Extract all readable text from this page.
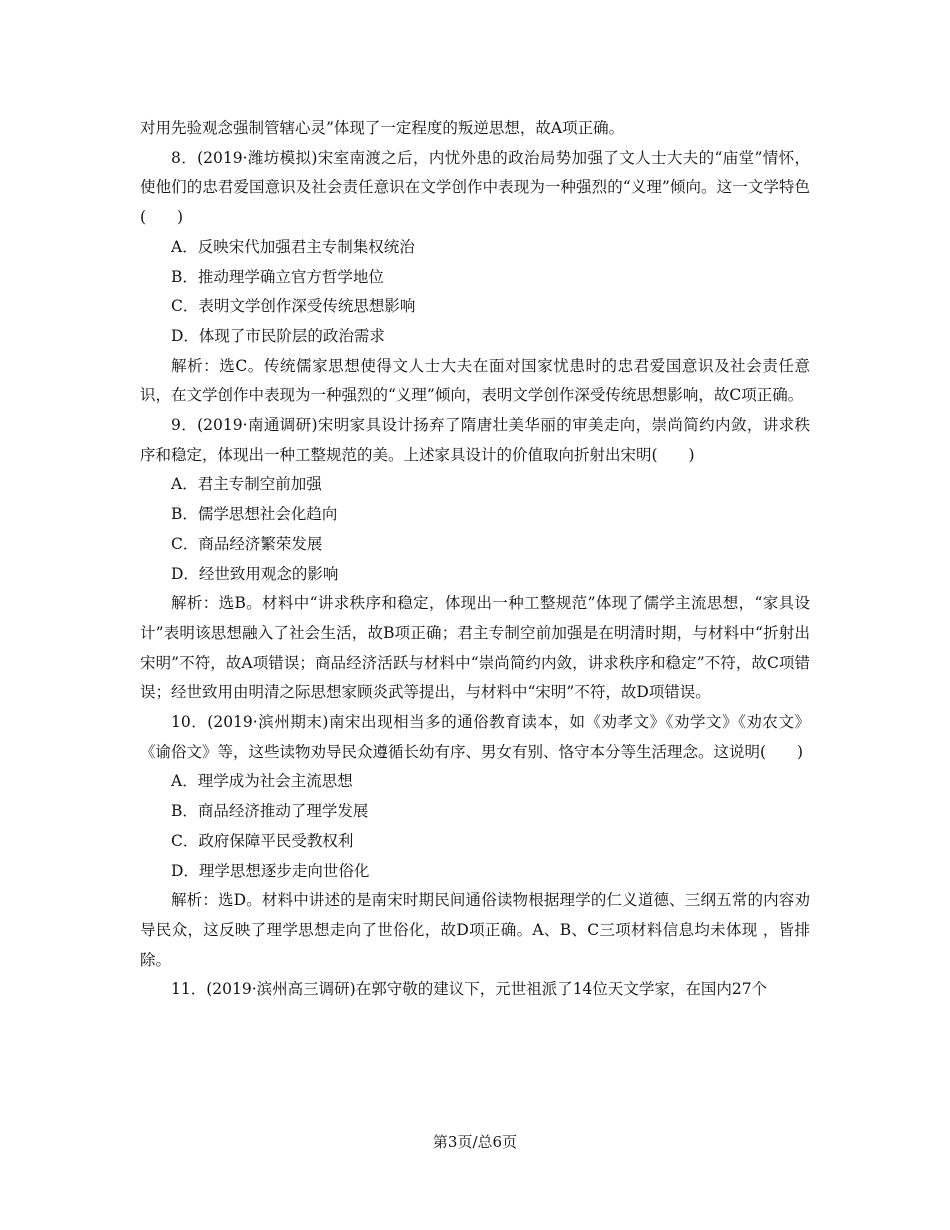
对用先验观念强制管辖心灵”体现了一定程度的叛逆思想，故A项正确。

8．(2019·潍坊模拟)宋室南渡之后，内忧外患的政治局势加强了文人士大夫的“庙堂”情怀，使他们的忠君爱国意识及社会责任意识在文学创作中表现为一种强烈的“义理”倾向。这一文学特色(　　)

A．反映宋代加强君主专制集权统治

B．推动理学确立官方哲学地位

C．表明文学创作深受传统思想影响

D．体现了市民阶层的政治需求

解析：选C。传统儒家思想使得文人士大夫在面对国家忧患时的忠君爱国意识及社会责任意识，在文学创作中表现为一种强烈的“义理”倾向，表明文学创作深受传统思想影响，故C项正确。

9．(2019·南通调研)宋明家具设计扬弃了隋唐壮美华丽的审美走向，崇尚简约内敛，讲求秩序和稳定，体现出一种工整规范的美。上述家具设计的价值取向折射出宋明(　　)

A．君主专制空前加强

B．儒学思想社会化趋向

C．商品经济繁荣发展

D．经世致用观念的影响

解析：选B。材料中“讲求秩序和稳定，体现出一种工整规范”体现了儒学主流思想，“家具设计”表明该思想融入了社会生活，故B项正确；君主专制空前加强是在明清时期，与材料中“折射出宋明”不符，故A项错误；商品经济活跃与材料中“崇尚简约内敛，讲求秩序和稳定”不符，故C项错误；经世致用由明清之际思想家顾炎武等提出，与材料中“宋明”不符，故D项错误。

10．(2019·滨州期末)南宋出现相当多的通俗教育读本，如《劝孝文》《劝学文》《劝农文》《谕俗文》等，这些读物劝导民众遵循长幼有序、男女有别、恪守本分等生活理念。这说明(　　)

A．理学成为社会主流思想

B．商品经济推动了理学发展

C．政府保障平民受教权利

D．理学思想逐步走向世俗化

解析：选D。材料中讲述的是南宋时期民间通俗读物根据理学的仁义道德、三纲五常的内容劝导民众，这反映了理学思想走向了世俗化，故D项正确。A、B、C三项材料信息均未体现 ，皆排除。

11．(2019·滨州高三调研)在郭守敬的建议下，元世祖派了14位天文学家，在国内27个

第3页/总6页
